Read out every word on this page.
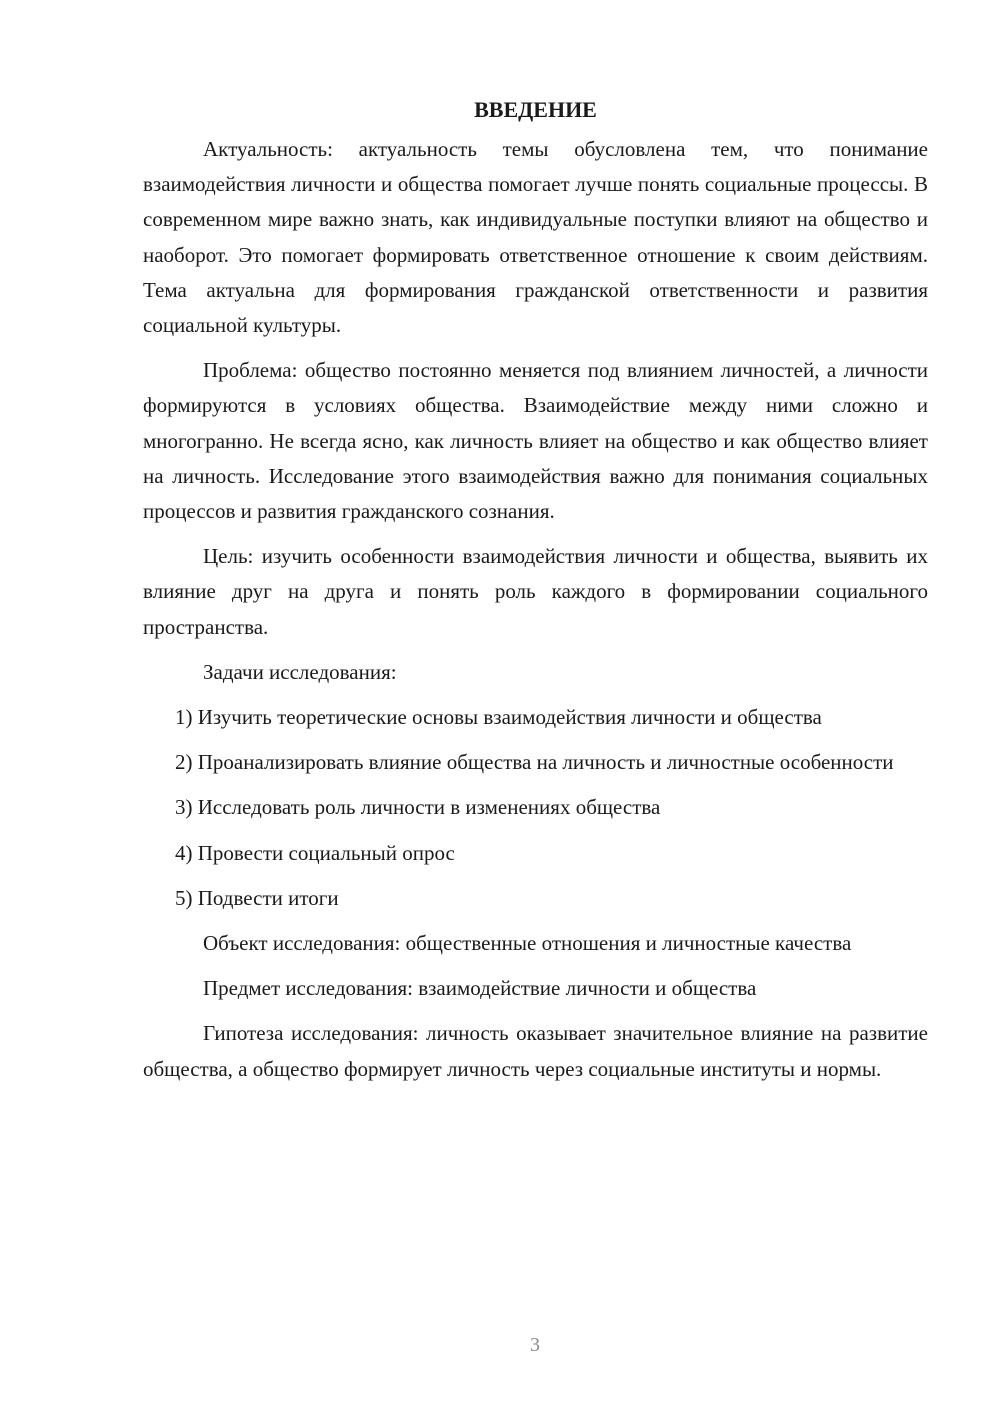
ВВЕДЕНИЕ

Актуальность: актуальность темы обусловлена тем, что понимание взаимодействия личности и общества помогает лучше понять социальные процессы. В современном мире важно знать, как индивидуальные поступки влияют на общество и наоборот. Это помогает формировать ответственное отношение к своим действиям. Тема актуальна для формирования гражданской ответственности и развития социальной культуры.

Проблема: общество постоянно меняется под влиянием личностей, а личности формируются в условиях общества. Взаимодействие между ними сложно и многогранно. Не всегда ясно, как личность влияет на общество и как общество влияет на личность. Исследование этого взаимодействия важно для понимания социальных процессов и развития гражданского сознания.

Цель: изучить особенности взаимодействия личности и общества, выявить их влияние друг на друга и понять роль каждого в формировании социального пространства.

Задачи исследования:

1) Изучить теоретические основы взаимодействия личности и общества

2) Проанализировать влияние общества на личность и личностные особенности

3) Исследовать роль личности в изменениях общества

4) Провести социальный опрос

5) Подвести итоги

Объект исследования: общественные отношения и личностные качества

Предмет исследования: взаимодействие личности и общества

Гипотеза исследования: личность оказывает значительное влияние на развитие общества, а общество формирует личность через социальные институты и нормы.

3
